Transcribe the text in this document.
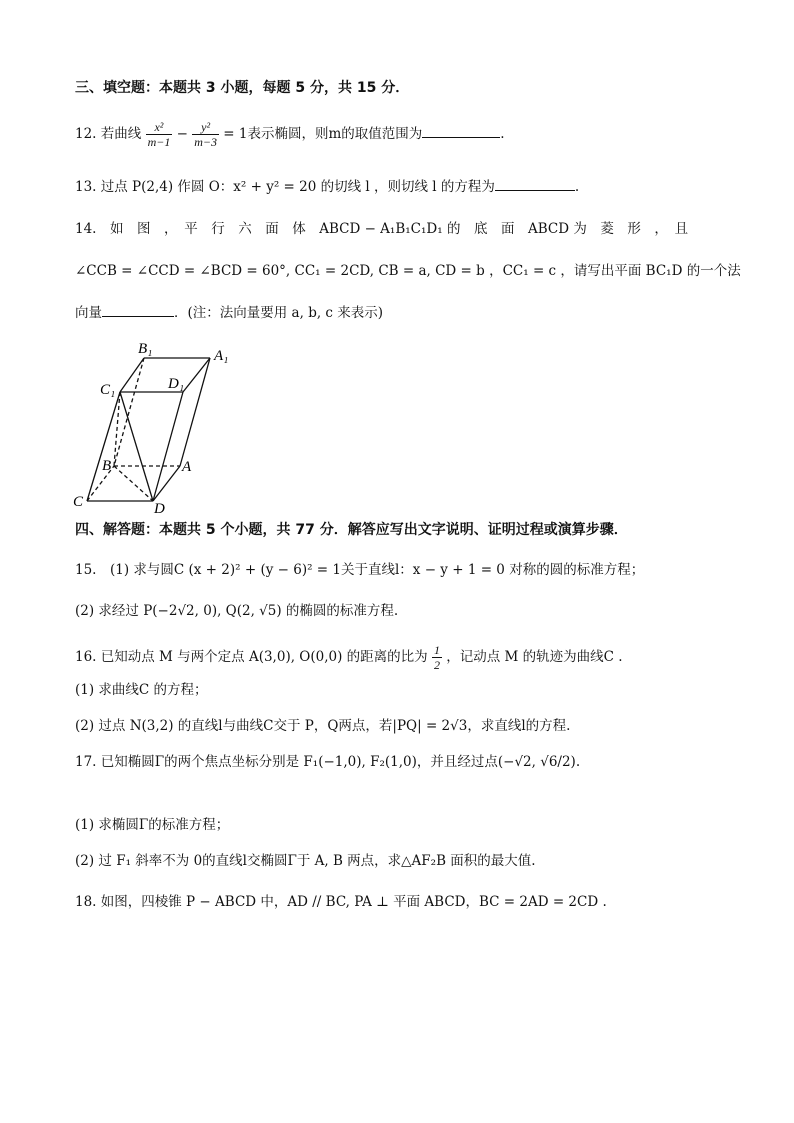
三、填空题：本题共 3 小题，每题 5 分，共 15 分．
12. 若曲线 $\frac{\text{x²}}{m-1} - \frac{\text{y²}}{m-3} = 1$表示椭圆，则m的取值范围为	.
13. 过点 P(2,4) 作圆 O：x² + y² = 20 的切线 l ，则切线 l 的方程为	.
14.　如　图　，　平　行　六　面　体　ABCD − A₁B₁C₁D₁ 的　底　面　ABCD 为　菱　形　，　且
∠CCB = ∠CCD = ∠BCD = 60°, CC₁ = 2CD, CB = a, CD = b ，CC₁ = c ，请写出平面 BC₁D 的一个法
向量	．(注：法向量要用 a, b, c 来表示)
B₁	A₁
C₁	D₁
B	A
C	D
四、解答题：本题共 5 个小题，共 77 分．解答应写出文字说明、证明过程或演算步骤．
15.　(1) 求与圆C (x + 2)² + (y − 6)² = 1关于直线l：x − y + 1 = 0 对称的圆的标准方程；
(2) 求经过 P(−2√2, 0), Q(2, √5) 的椭圆的标准方程.
16. 已知动点 M 与两个定点 A(3,0), O(0,0) 的距离的比为 $\frac{1}{2}$ ，记动点 M 的轨迹为曲线C .
(1) 求曲线C 的方程；
(2) 过点 N(3,2) 的直线l与曲线C交于 P，Q两点，若|PQ| = 2√3，求直线l的方程.
17. 已知椭圆Γ的两个焦点坐标分别是 F₁(−1,0), F₂(1,0)，并且经过点(−√2, √6/2).
(1) 求椭圆Γ的标准方程；
(2) 过 F₁ 斜率不为 0的直线l交椭圆Γ于 A, B 两点，求△AF₂B 面积的最大值.
18. 如图，四棱锥 P − ABCD 中，AD // BC, PA ⊥ 平面 ABCD，BC = 2AD = 2CD .
